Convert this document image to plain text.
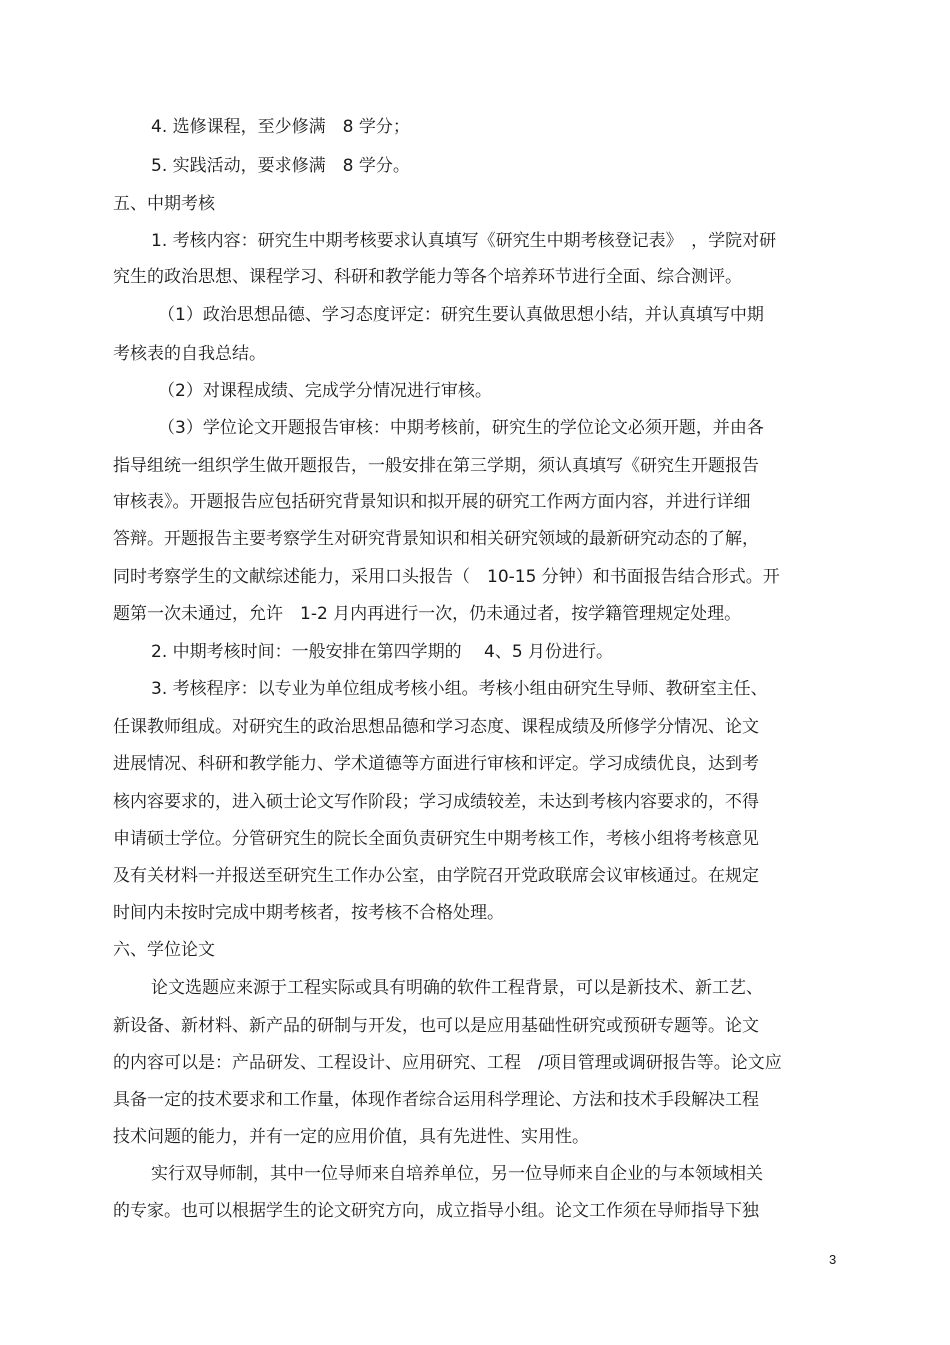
4. 选修课程，至少修满　8 学分；
5. 实践活动，要求修满　8 学分。
五、中期考核
1. 考核内容：研究生中期考核要求认真填写《研究生中期考核登记表》　，学院对研
究生的政治思想、课程学习、科研和教学能力等各个培养环节进行全面、综合测评。
（1）政治思想品德、学习态度评定：研究生要认真做思想小结，并认真填写中期
考核表的自我总结。
（2）对课程成绩、完成学分情况进行审核。
（3）学位论文开题报告审核：中期考核前，研究生的学位论文必须开题，并由各
指导组统一组织学生做开题报告，一般安排在第三学期，须认真填写《研究生开题报告
审核表》。开题报告应包括研究背景知识和拟开展的研究工作两方面内容，并进行详细
答辩。开题报告主要考察学生对研究背景知识和相关研究领域的最新研究动态的了解，
同时考察学生的文献综述能力，采用口头报告（　10-15 分钟）和书面报告结合形式。开
题第一次未通过，允许　1-2 月内再进行一次，仍未通过者，按学籍管理规定处理。
2. 中期考核时间：一般安排在第四学期的　 4、5 月份进行。
3. 考核程序：以专业为单位组成考核小组。考核小组由研究生导师、教研室主任、
任课教师组成。对研究生的政治思想品德和学习态度、课程成绩及所修学分情况、论文
进展情况、科研和教学能力、学术道德等方面进行审核和评定。学习成绩优良，达到考
核内容要求的，进入硕士论文写作阶段；学习成绩较差，未达到考核内容要求的，不得
申请硕士学位。分管研究生的院长全面负责研究生中期考核工作，考核小组将考核意见
及有关材料一并报送至研究生工作办公室，由学院召开党政联席会议审核通过。在规定
时间内未按时完成中期考核者，按考核不合格处理。
六、学位论文
论文选题应来源于工程实际或具有明确的软件工程背景，可以是新技术、新工艺、
新设备、新材料、新产品的研制与开发，也可以是应用基础性研究或预研专题等。论文
的内容可以是：产品研发、工程设计、应用研究、工程　/项目管理或调研报告等。论文应
具备一定的技术要求和工作量，体现作者综合运用科学理论、方法和技术手段解决工程
技术问题的能力，并有一定的应用价值，具有先进性、实用性。
实行双导师制，其中一位导师来自培养单位，另一位导师来自企业的与本领域相关
的专家。也可以根据学生的论文研究方向，成立指导小组。论文工作须在导师指导下独
3
